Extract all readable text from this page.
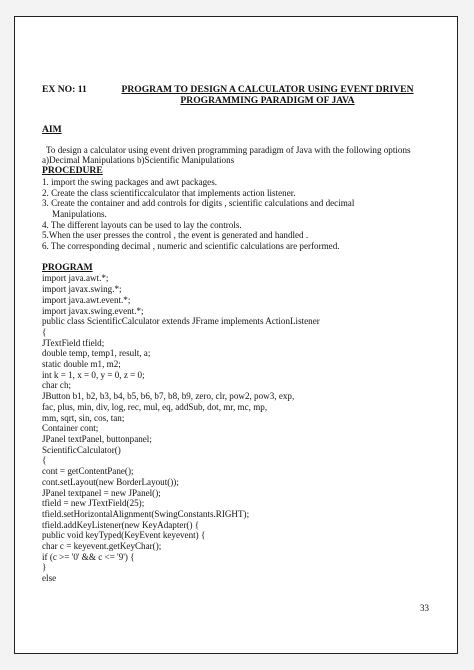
EX NO: 11	PROGRAM TO DESIGN A CALCULATOR USING EVENT DRIVEN
PROGRAMMING PARADIGM OF JAVA
AIM

To design a calculator using event driven programming paradigm of Java with the following options

a)Decimal Manipulations b)Scientific Manipulations

PROCEDURE
1. import the swing packages and awt packages.
2. Create the class scientificcalculator that implements action listener.
3. Create the container and add controls for digits , scientific calculations and decimal
Manipulations.
4. The different layouts can be used to lay the controls.
5.When the user presses the control , the event is generated and handled .
6. The corresponding decimal , numeric and scientific calculations are performed.
PROGRAM
import java.awt.*;
import javax.swing.*;
import java.awt.event.*;
import javax.swing.event.*;
public class ScientificCalculator extends JFrame implements ActionListener
{
JTextField tfield;
double temp, temp1, result, a;
static double m1, m2;
int k = 1, x = 0, y = 0, z = 0;
char ch;
JButton b1, b2, b3, b4, b5, b6, b7, b8, b9, zero, clr, pow2, pow3, exp,
fac, plus, min, div, log, rec, mul, eq, addSub, dot, mr, mc, mp,
mm, sqrt, sin, cos, tan;
Container cont;
JPanel textPanel, buttonpanel;
ScientificCalculator()
{
cont = getContentPane();
cont.setLayout(new BorderLayout());
JPanel textpanel = new JPanel();
tfield = new JTextField(25);
tfield.setHorizontalAlignment(SwingConstants.RIGHT);
tfield.addKeyListener(new KeyAdapter() {
public void keyTyped(KeyEvent keyevent) {
char c = keyevent.getKeyChar();
if (c >= '0' && c <= '9') {
}
else
33
